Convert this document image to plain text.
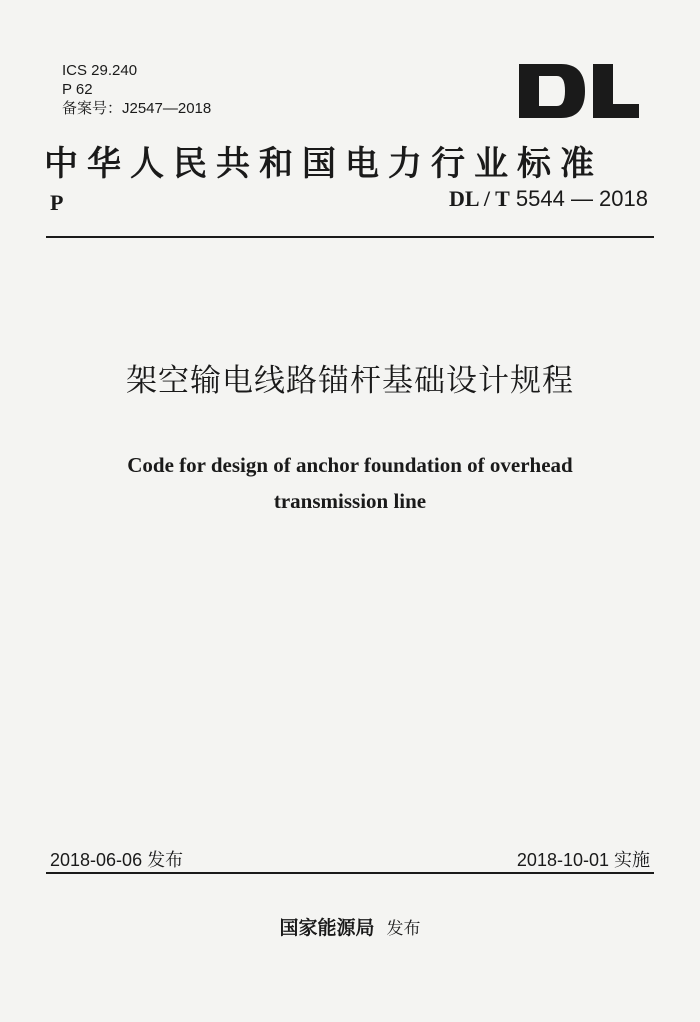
ICS 29.240
P 62
备案号：J2547—2018
中华人民共和国电力行业标准
P	DL / T 5544 — 2018
架空输电线路锚杆基础设计规程
Code for design of anchor foundation of overhead
transmission line
2018-06-06 发布	2018-10-01 实施
国家能源局 发布
